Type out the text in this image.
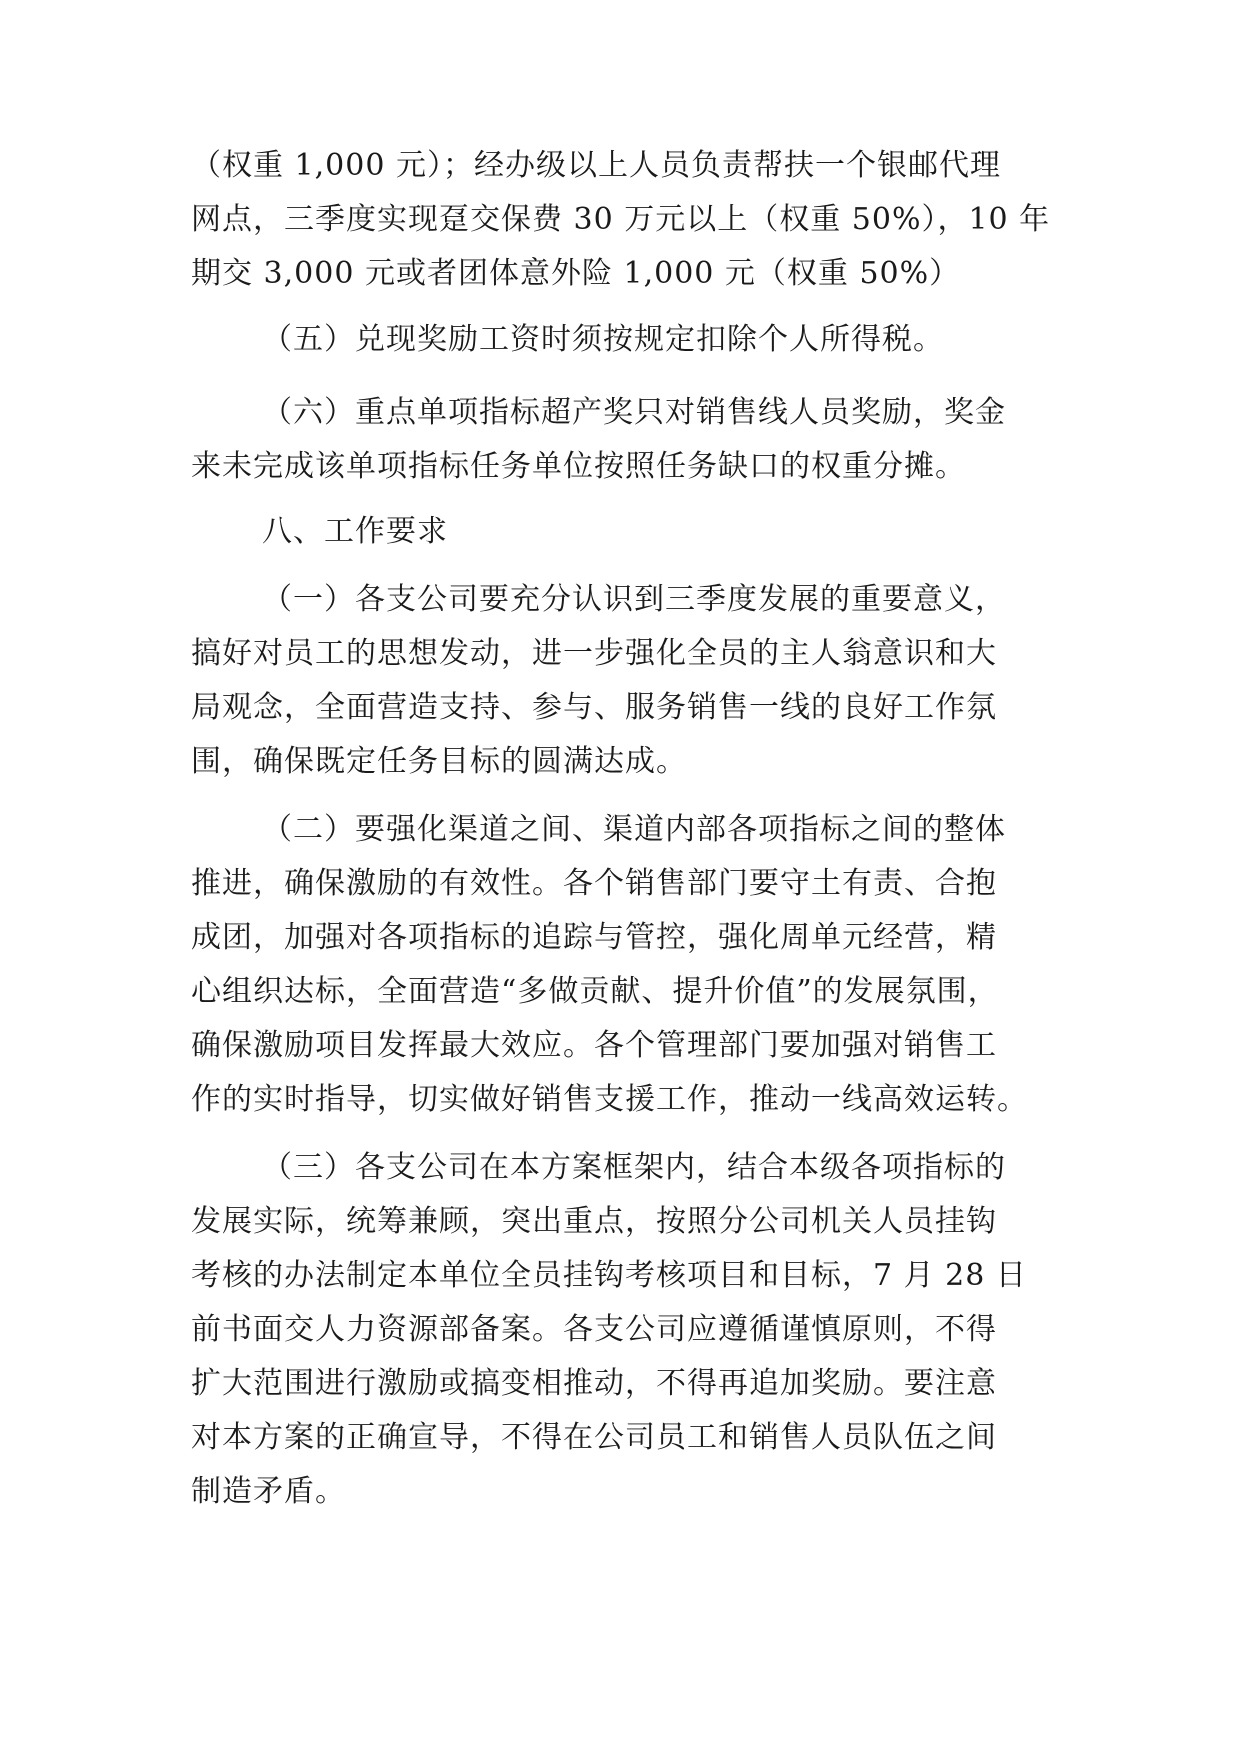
（权重 1,000 元）；经办级以上人员负责帮扶一个银邮代理
网点，三季度实现趸交保费 30 万元以上（权重 50%），10 年
期交 3,000 元或者团体意外险 1,000 元（权重 50%）
（五）兑现奖励工资时须按规定扣除个人所得税。
（六）重点单项指标超产奖只对销售线人员奖励，奖金
来未完成该单项指标任务单位按照任务缺口的权重分摊。
八、工作要求
（一）各支公司要充分认识到三季度发展的重要意义，
搞好对员工的思想发动，进一步强化全员的主人翁意识和大
局观念，全面营造支持、参与、服务销售一线的良好工作氛
围，确保既定任务目标的圆满达成。
（二）要强化渠道之间、渠道内部各项指标之间的整体
推进，确保激励的有效性。各个销售部门要守土有责、合抱
成团，加强对各项指标的追踪与管控，强化周单元经营，精
心组织达标，全面营造“多做贡献、提升价值”的发展氛围，
确保激励项目发挥最大效应。各个管理部门要加强对销售工
作的实时指导，切实做好销售支援工作，推动一线高效运转。
（三）各支公司在本方案框架内，结合本级各项指标的
发展实际，统筹兼顾，突出重点，按照分公司机关人员挂钩
考核的办法制定本单位全员挂钩考核项目和目标，7 月 28 日
前书面交人力资源部备案。各支公司应遵循谨慎原则，不得
扩大范围进行激励或搞变相推动，不得再追加奖励。要注意
对本方案的正确宣导，不得在公司员工和销售人员队伍之间
制造矛盾。
